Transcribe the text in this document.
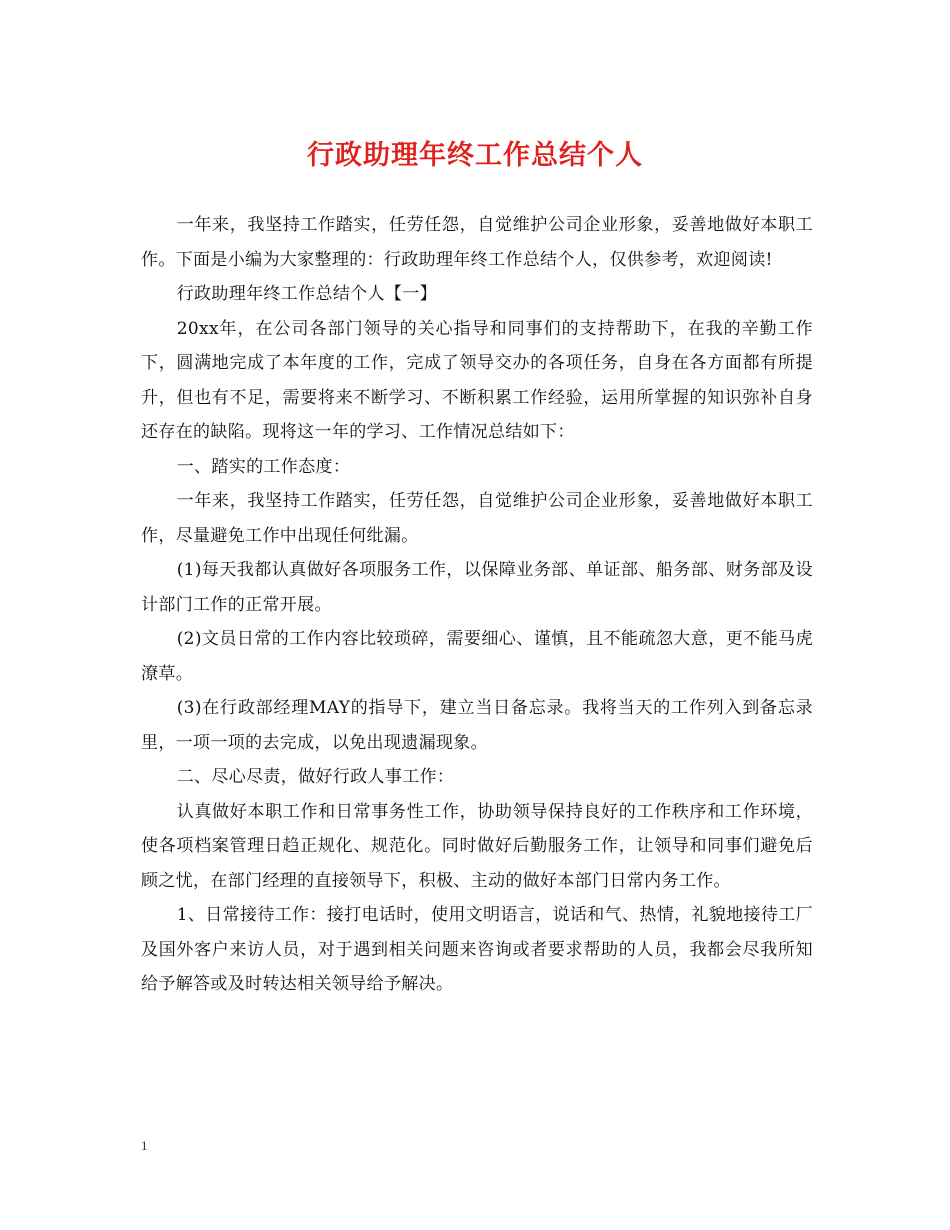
行政助理年终工作总结个人

一年来，我坚持工作踏实，任劳任怨，自觉维护公司企业形象，妥善地做好本职工作。下面是小编为大家整理的：行政助理年终工作总结个人，仅供参考，欢迎阅读!

行政助理年终工作总结个人【一】

20xx年，在公司各部门领导的关心指导和同事们的支持帮助下，在我的辛勤工作下，圆满地完成了本年度的工作，完成了领导交办的各项任务，自身在各方面都有所提升，但也有不足，需要将来不断学习、不断积累工作经验，运用所掌握的知识弥补自身还存在的缺陷。现将这一年的学习、工作情况总结如下：

一、踏实的工作态度：

一年来，我坚持工作踏实，任劳任怨，自觉维护公司企业形象，妥善地做好本职工作，尽量避免工作中出现任何纰漏。

(1)每天我都认真做好各项服务工作，以保障业务部、单证部、船务部、财务部及设计部门工作的正常开展。

(2)文员日常的工作内容比较琐碎，需要细心、谨慎，且不能疏忽大意，更不能马虎潦草。

(3)在行政部经理MAY的指导下，建立当日备忘录。我将当天的工作列入到备忘录里，一项一项的去完成，以免出现遗漏现象。

二、尽心尽责，做好行政人事工作：

认真做好本职工作和日常事务性工作，协助领导保持良好的工作秩序和工作环境，使各项档案管理日趋正规化、规范化。同时做好后勤服务工作，让领导和同事们避免后顾之忧，在部门经理的直接领导下，积极、主动的做好本部门日常内务工作。

1、日常接待工作：接打电话时，使用文明语言，说话和气、热情，礼貌地接待工厂及国外客户来访人员，对于遇到相关问题来咨询或者要求帮助的人员，我都会尽我所知给予解答或及时转达相关领导给予解决。

1
